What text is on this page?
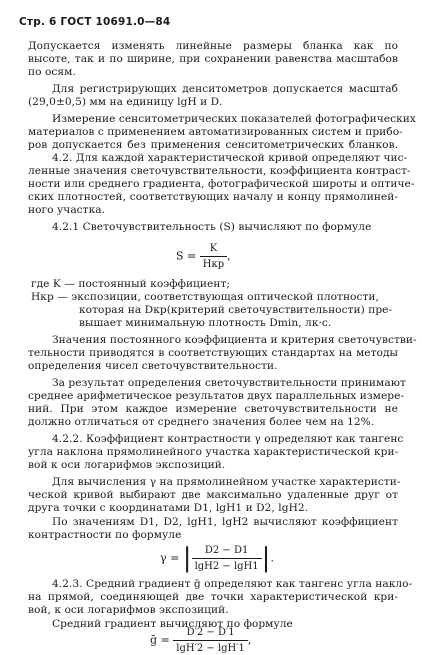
Стр. 6 ГОСТ 10691.0—84
Допускается изменять линейные размеры бланка как по
высоте, так и по ширине, при сохранении равенства масштабов
по осям.
Для регистрирующих денситометров допускается масштаб
(29,0±0,5) мм на единицу lgH и D.
Измерение сенситометрических показателей фотографических
материалов с применением автоматизированных систем и прибо-
ров допускается без применения сенситометрических бланков.
4.2. Для каждой характеристической кривой определяют чис-
ленные значения светочувствительности, коэффициента контраст-
ности или среднего градиента, фотографической широты и оптиче-
ских плотностей, соответствующих началу и концу прямолиней-
ного участка.
4.2.1 Светочувствительность (S) вычисляют по формуле
$S = \frac{K}{\text{Hкр}}$ ,
где K — постоянный коэффициент;
Hкр — экспозиции, соответствующая оптической плотности,
которая на Dкр(критерий светочувствительности) пре-
вышает минимальную плотность Dmin, лк·с.
Значения постоянного коэффициента и критерия светочувстви-
тельности приводятся в соответствующих стандартах на методы
определения чисел светочувствительности.
За результат определения светочувствительности принимают
среднее арифметическое результатов двух параллельных измере-
ний. При этом каждое измерение светочувствительности не
должно отличаться от среднего значения более чем на 12%.
4.2.2. Коэффициент контрастности γ определяют как тангенс
угла наклона прямолинейного участка характеристической кри-
вой к оси логарифмов экспозиций.
Для вычисления γ на прямолинейном участке характеристи-
ческой кривой выбирают две максимально удаленные друг от
друга точки с координатами D1, lgH1 и D2, lgH2.
По значениям D1, D2, lgH1, lgH2 вычисляют коэффициент
контрастности по формуле
γ = | $\frac{D2 - D1}{\lg H2 - \lg H1}$ |.
4.2.3. Средний градиент ḡ определяют как тангенс угла накло-
на прямой, соединяющей две точки характеристической кри-
вой, к оси логарифмов экспозиций.
Средний градиент вычисляют по формуле
ḡ = $\frac{D'2 - D'1}{\lg H'2 - \lg H'1}$ ,
